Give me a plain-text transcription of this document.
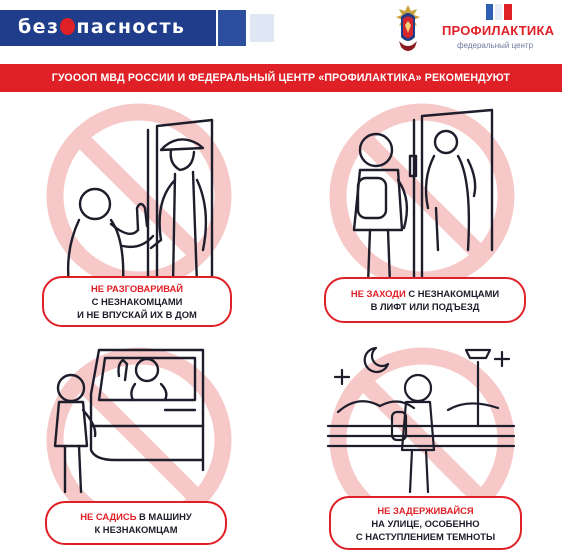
без пасность	ПРОФИЛАКТИКА
федеральный центр
ГУОООП МВД РОССИИ И ФЕДЕРАЛЬНЫЙ ЦЕНТР «ПРОФИЛАКТИКА» РЕКОМЕНДУЮТ
НЕ РАЗГОВАРИВАЙ
С НЕЗНАКОМЦАМИ
И НЕ ВПУСКАЙ ИХ В ДОМ
НЕ ЗАХОДИ С НЕЗНАКОМЦАМИ
В ЛИФТ ИЛИ ПОДЪЕЗД
НЕ САДИСЬ В МАШИНУ
К НЕЗНАКОМЦАМ
НЕ ЗАДЕРЖИВАЙСЯ
НА УЛИЦЕ, ОСОБЕННО
С НАСТУПЛЕНИЕМ ТЕМНОТЫ
